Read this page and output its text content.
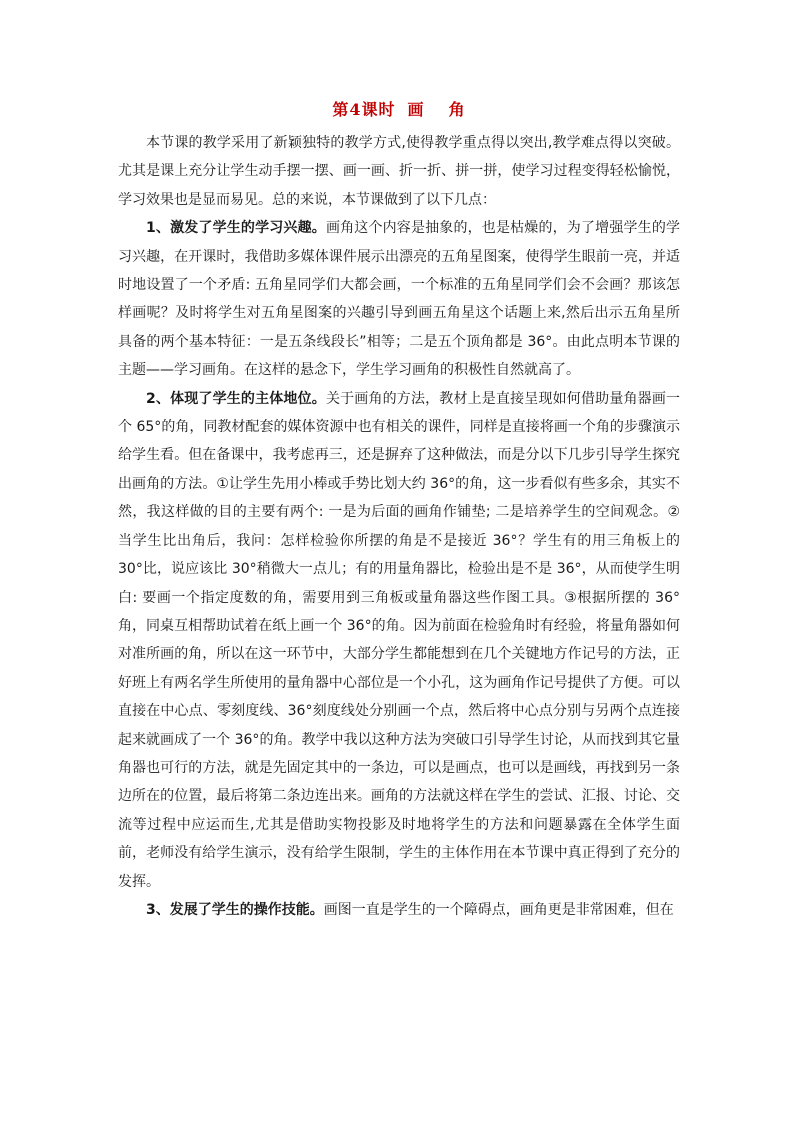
第4课时 画 角

本节课的教学采用了新颖独特的教学方式,使得教学重点得以突出,教学难点得以突破。尤其是课上充分让学生动手摆一摆、画一画、折一折、拼一拼，使学习过程变得轻松愉悦，学习效果也是显而易见。总的来说，本节课做到了以下几点：

1、激发了学生的学习兴趣。画角这个内容是抽象的，也是枯燥的，为了增强学生的学习兴趣，在开课时，我借助多媒体课件展示出漂亮的五角星图案，使得学生眼前一亮，并适时地设置了一个矛盾: 五角星同学们大都会画，一个标准的五角星同学们会不会画？那该怎样画呢？及时将学生对五角星图案的兴趣引导到画五角星这个话题上来,然后出示五角星所具备的两个基本特征：一是五条线段长”相等；二是五个顶角都是 36°。由此点明本节课的主题——学习画角。在这样的悬念下，学生学习画角的积极性自然就高了。

2、体现了学生的主体地位。关于画角的方法，教材上是直接呈现如何借助量角器画一个 65°的角，同教材配套的媒体资源中也有相关的课件，同样是直接将画一个角的步骤演示给学生看。但在备课中，我考虑再三，还是摒弃了这种做法，而是分以下几步引导学生探究出画角的方法。①让学生先用小棒或手势比划大约 36°的角，这一步看似有些多余，其实不然，我这样做的目的主要有两个: 一是为后面的画角作铺垫; 二是培养学生的空间观念。②当学生比出角后，我问：怎样检验你所摆的角是不是接近 36°？学生有的用三角板上的 30°比，说应该比 30°稍微大一点儿；有的用量角器比，检验出是不是 36°，从而使学生明白: 要画一个指定度数的角，需要用到三角板或量角器这些作图工具。③根据所摆的 36°角，同桌互相帮助试着在纸上画一个 36°的角。因为前面在检验角时有经验，将量角器如何对准所画的角，所以在这一环节中，大部分学生都能想到在几个关键地方作记号的方法，正好班上有两名学生所使用的量角器中心部位是一个小孔，这为画角作记号提供了方便。可以直接在中心点、零刻度线、36°刻度线处分别画一个点，然后将中心点分别与另两个点连接起来就画成了一个 36°的角。教学中我以这种方法为突破口引导学生讨论，从而找到其它量角器也可行的方法，就是先固定其中的一条边，可以是画点，也可以是画线，再找到另一条边所在的位置，最后将第二条边连出来。画角的方法就这样在学生的尝试、汇报、讨论、交流等过程中应运而生,尤其是借助实物投影及时地将学生的方法和问题暴露在全体学生面前，老师没有给学生演示，没有给学生限制，学生的主体作用在本节课中真正得到了充分的发挥。

3、发展了学生的操作技能。画图一直是学生的一个障碍点，画角更是非常困难，但在
